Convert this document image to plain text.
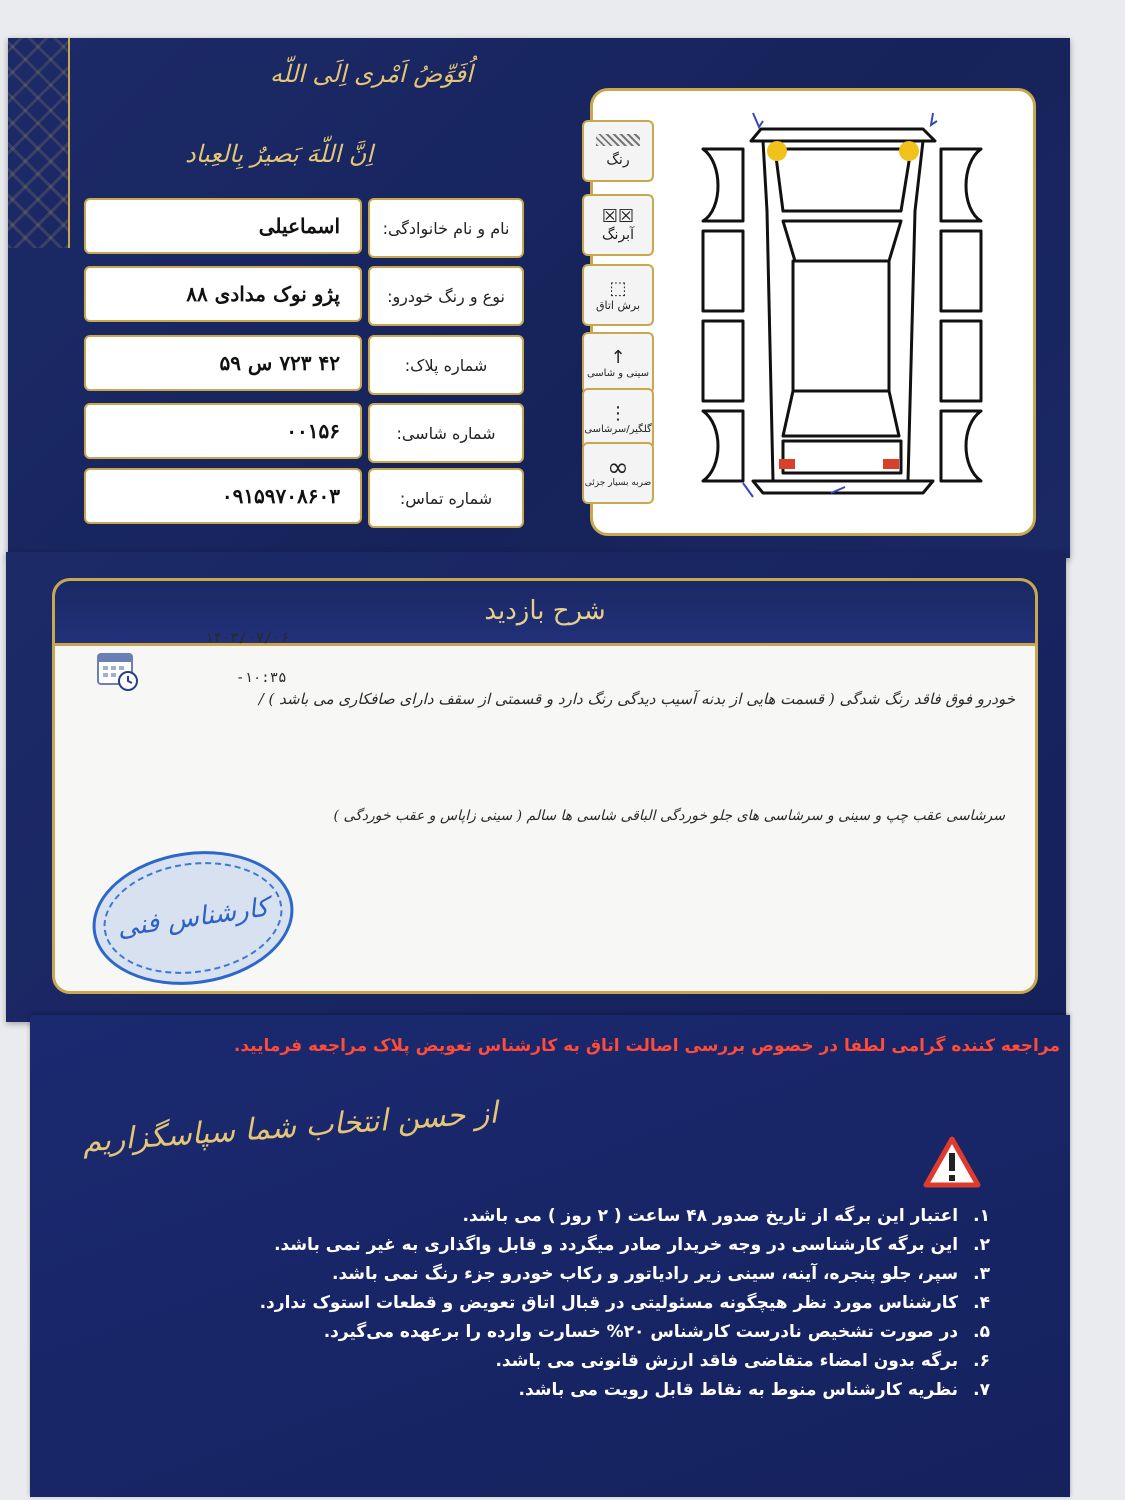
اُفَوِّضُ اَمْرى اِلَى اللّه
اِنَّ اللّهَ بَصيرٌ بِالعِباد
نام و نام خانوادگی:
اسماعیلی
نوع و رنگ خودرو:
پژو نوک مدادی ۸۸
شماره پلاک:
۴۲ ۷۲۳ س ۵۹
شماره شاسی:
۰۰۱۵۶
شماره تماس:
۰۹۱۵۹۷۰۸۶۰۳
رنگ
☒☒
آبرنگ
⬚
برش اتاق
↑
سینی و شاسی
⋮
گلگیر/سرشاسی
∞
ضربه بسیار جزئی
شرح بازدید
۱۴۰۳/۰۷/۰۶
۱۰:۳۵-
خودرو فوق فاقد رنگ شدگی ( قسمت هایی از بدنه آسیب دیدگی رنگ دارد و قسمتی از سقف دارای صافکاری می باشد ) /
سرشاسی عقب چپ و سینی و سرشاسی های جلو خوردگی الباقی شاسی ها سالم ( سینی زاپاس و عقب خوردگی )
کارشناس فنی
مراجعه کننده گرامی لطفا در خصوص بررسی اصالت اتاق به کارشناس تعویض پلاک مراجعه فرمایید.
از حسن انتخاب شما سپاسگزاریم
۱. اعتبار این برگه از تاریخ صدور ۴۸ ساعت ( ۲ روز ) می باشد.
۲. این برگه کارشناسی در وجه خریدار صادر میگردد و قابل واگذاری به غیر نمی باشد.
۳. سپر، جلو پنجره، آینه، سینی زیر رادیاتور و رکاب خودرو جزء رنگ نمی باشد.
۴. کارشناس مورد نظر هیچگونه مسئولیتی در قبال اتاق تعویض و قطعات استوک ندارد.
۵. در صورت تشخیص نادرست کارشناس ۲۰% خسارت وارده را برعهده می‌گیرد.
۶. برگه بدون امضاء متقاضی فاقد ارزش قانونی می باشد.
۷. نظریه کارشناس منوط به نقاط قابل رویت می باشد.
